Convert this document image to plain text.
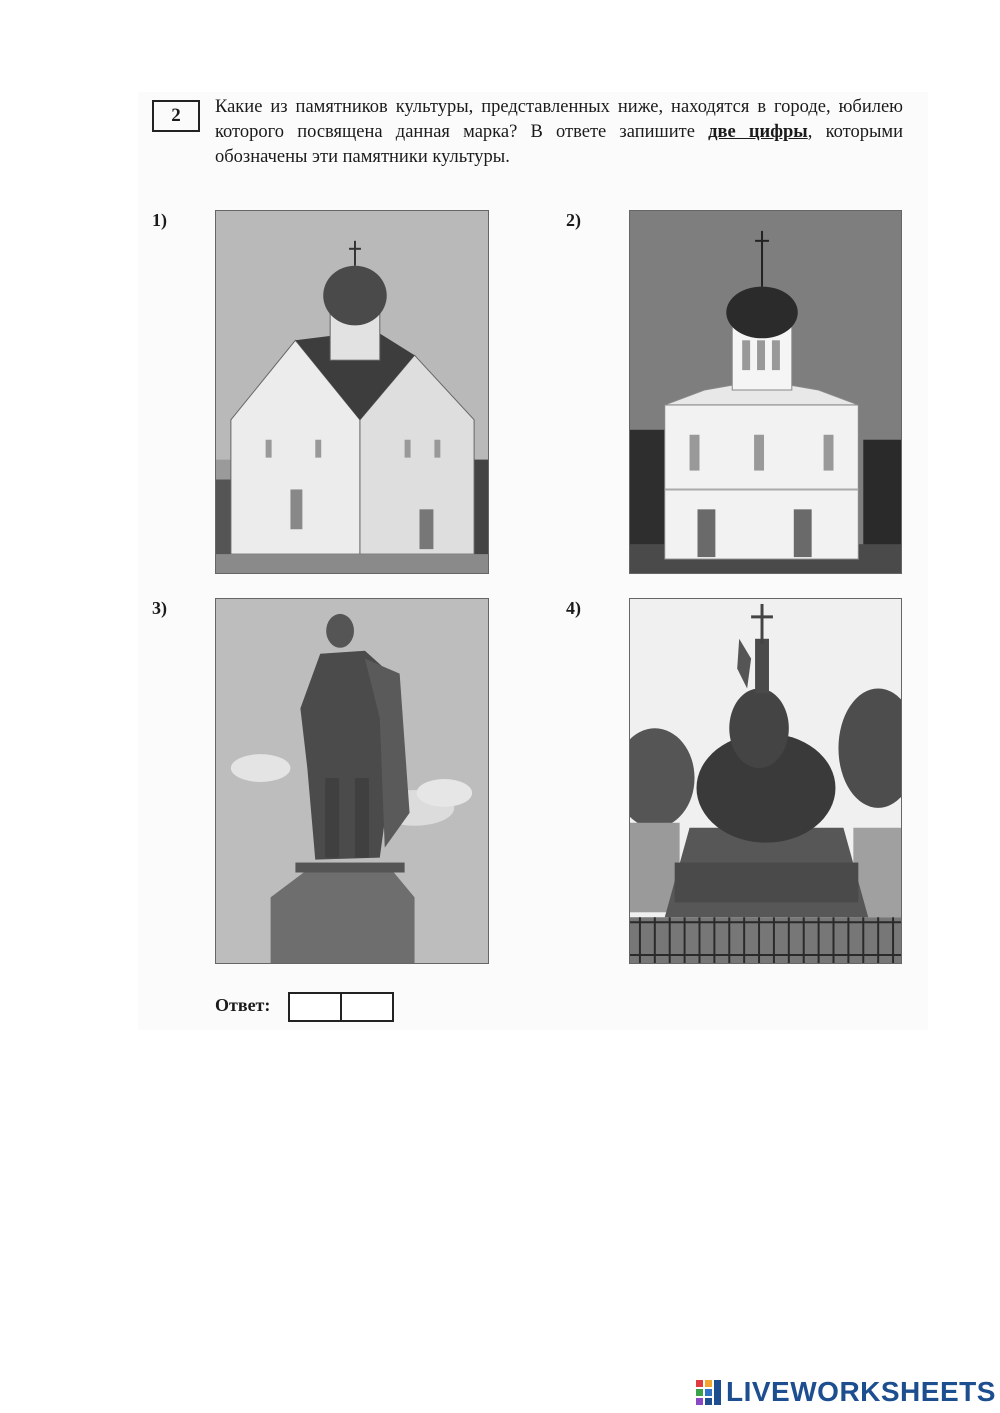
2 Какие из памятников культуры, представленных ниже, находятся в городе, юбилею которого посвящена данная марка? В ответе запишите две цифры, которыми обозначены эти памятники культуры.
1)	2)
3)	4)
Ответ:
LIVEWORKSHEETS
